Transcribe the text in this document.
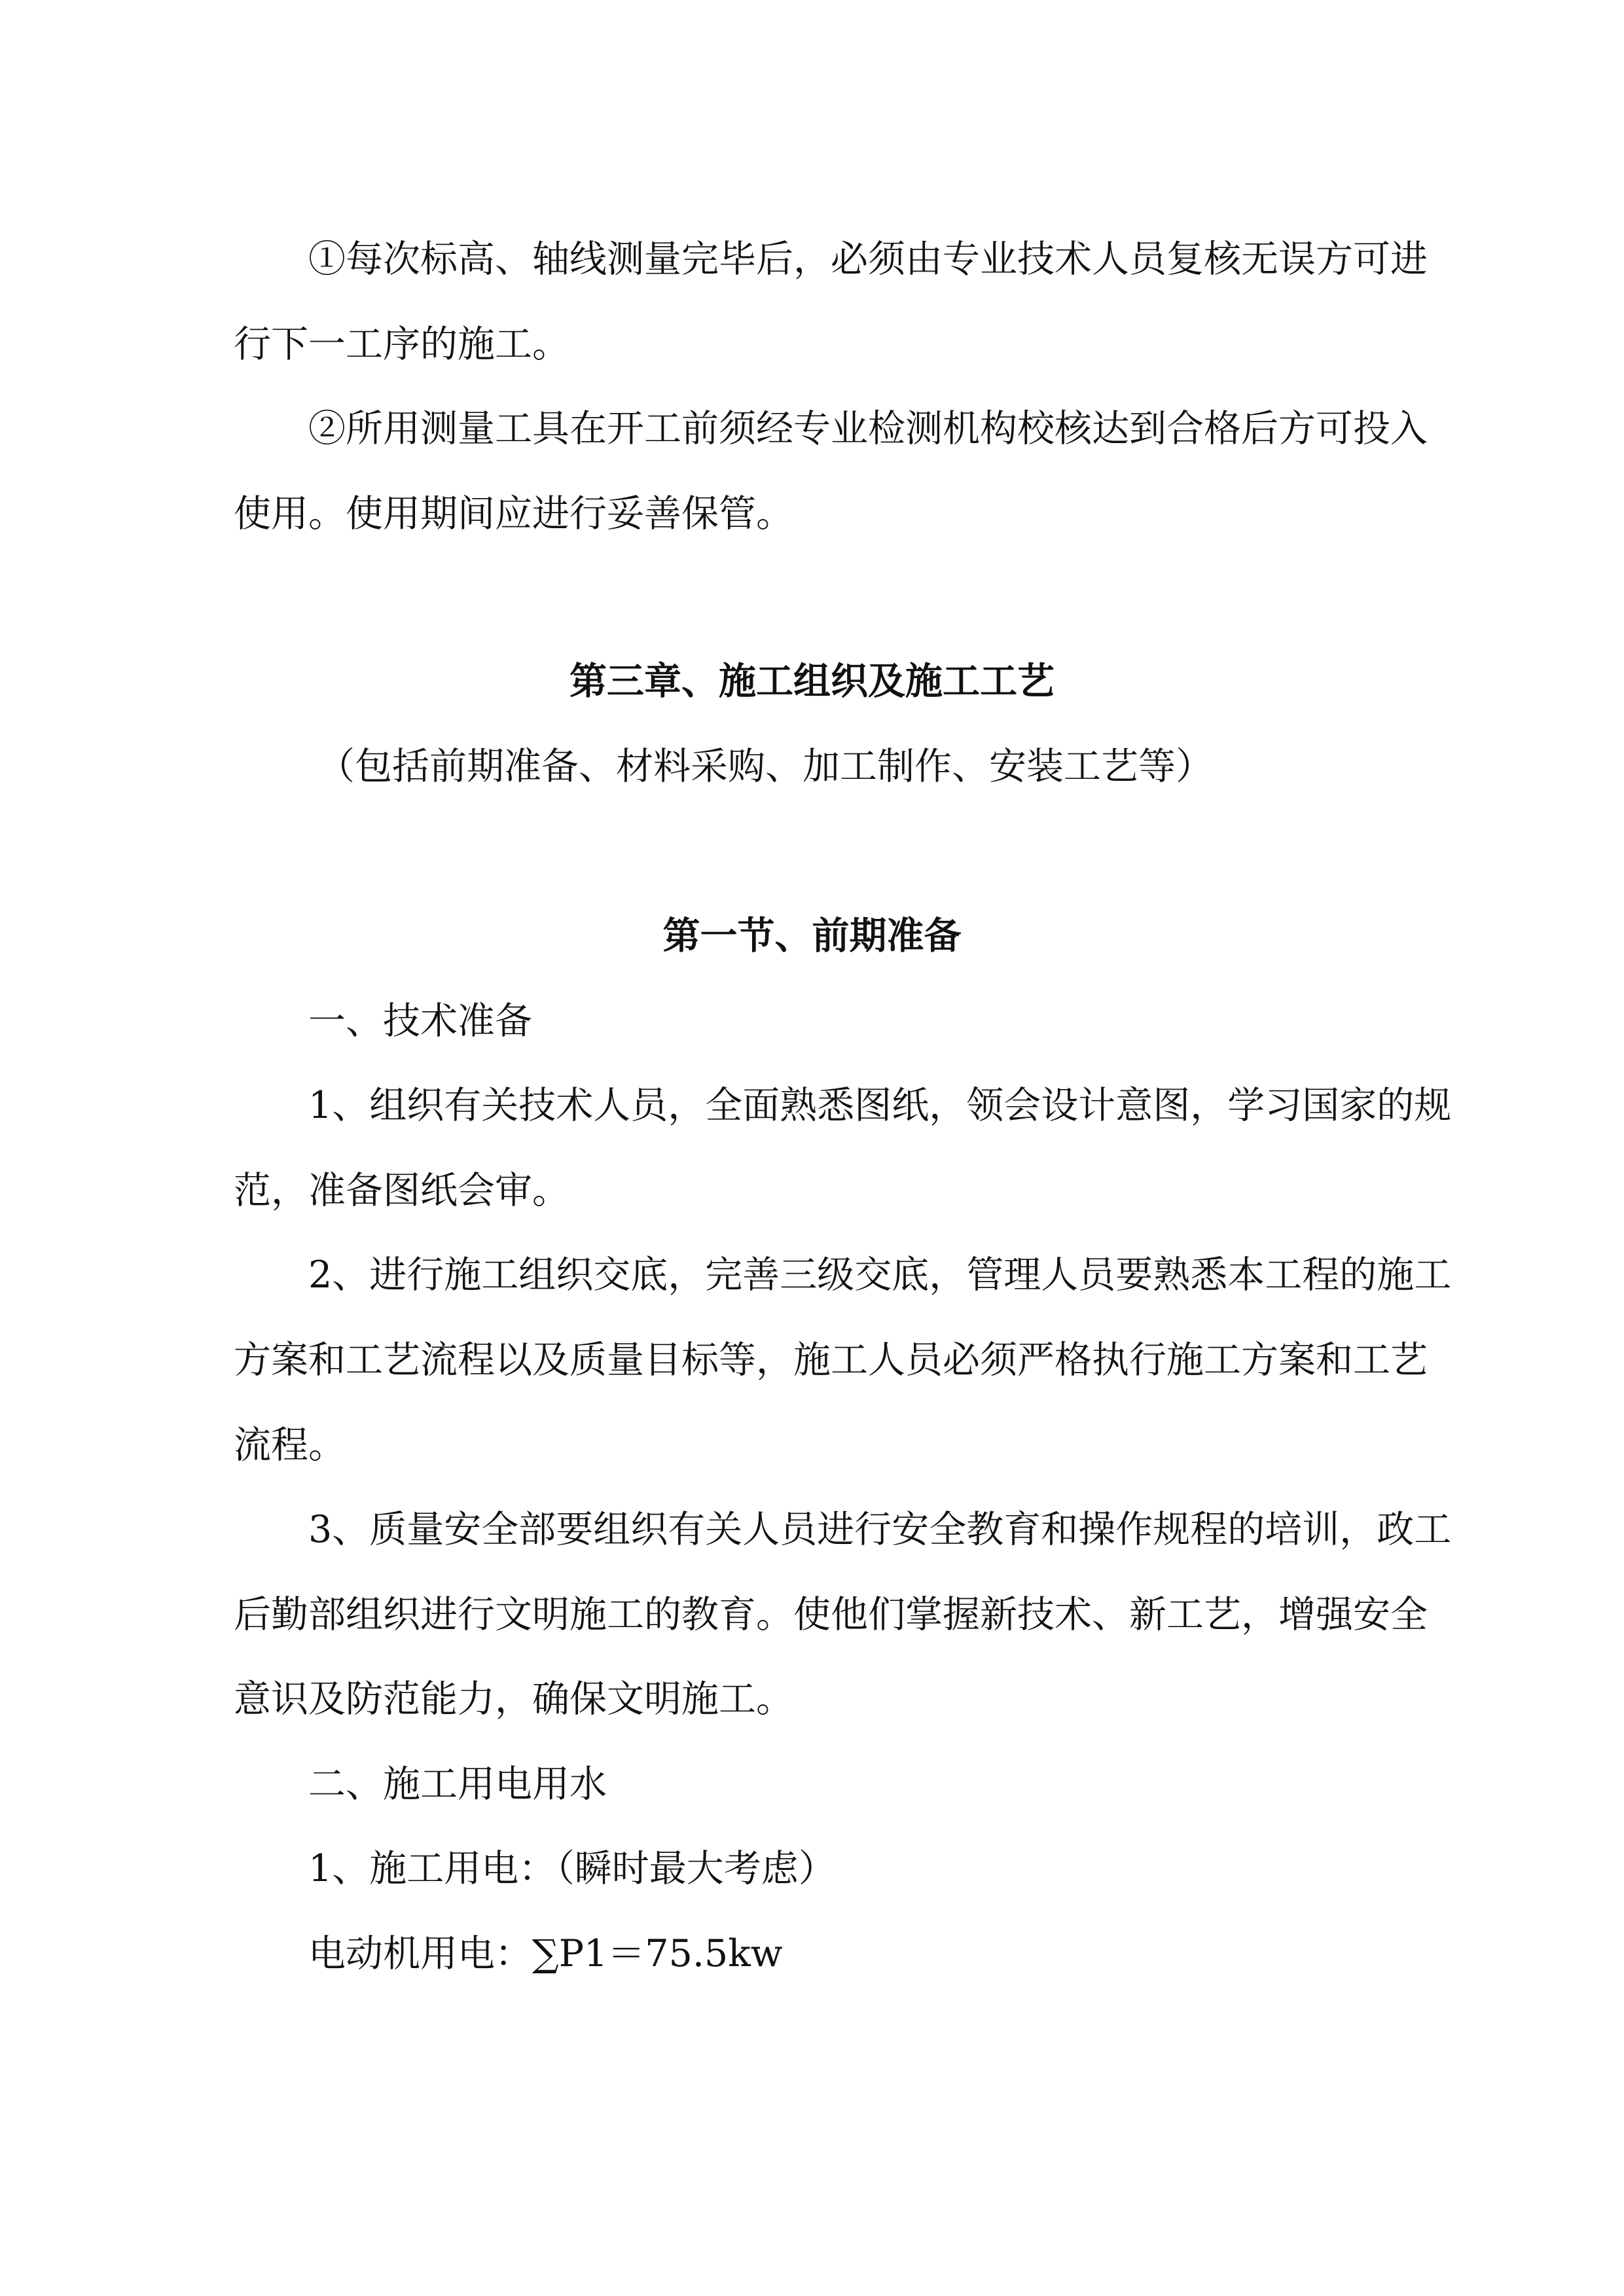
①每次标高、轴线测量完毕后，必须由专业技术人员复核无误方可进
行下一工序的施工。
②所用测量工具在开工前须经专业检测机构校核达到合格后方可投入
使用。使用期间应进行妥善保管。
第三章、施工组织及施工工艺
（包括前期准备、材料采购、加工制作、安装工艺等）
第一节、前期准备
一、技术准备
1、组织有关技术人员，全面熟悉图纸，领会设计意图，学习国家的规
范，准备图纸会审。
2、进行施工组织交底，完善三级交底，管理人员要熟悉本工程的施工
方案和工艺流程以及质量目标等，施工人员必须严格执行施工方案和工艺
流程。
3、质量安全部要组织有关人员进行安全教育和操作规程的培训，政工
后勤部组织进行文明施工的教育。使他们掌握新技术、新工艺，增强安全
意识及防范能力，确保文明施工。
二、施工用电用水
1、施工用电：（瞬时最大考虑）
电动机用电：∑P1＝75.5kw
